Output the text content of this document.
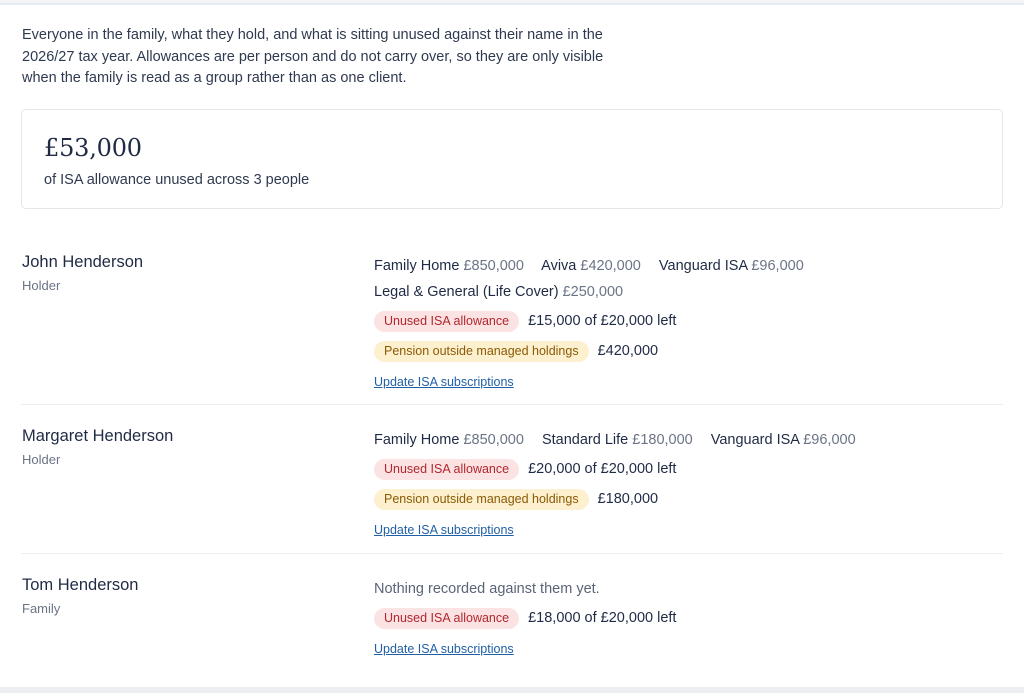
Everyone in the family, what they hold, and what is sitting unused against their name in the 2026/27 tax year. Allowances are per person and do not carry over, so they are only visible when the family is read as a group rather than as one client.

£53,000
of ISA allowance unused across 3 people
John Henderson
Holder
Family Home £850,000 Aviva £420,000 Vanguard ISA £96,000
Legal & General (Life Cover) £250,000
Unused ISA allowance	£15,000 of £20,000 left
Pension outside managed holdings	£420,000
Update ISA subscriptions
Margaret Henderson
Holder
Family Home £850,000 Standard Life £180,000 Vanguard ISA £96,000
Unused ISA allowance	£20,000 of £20,000 left
Pension outside managed holdings	£180,000
Update ISA subscriptions
Tom Henderson
Family
Nothing recorded against them yet.
Unused ISA allowance	£18,000 of £20,000 left
Update ISA subscriptions
